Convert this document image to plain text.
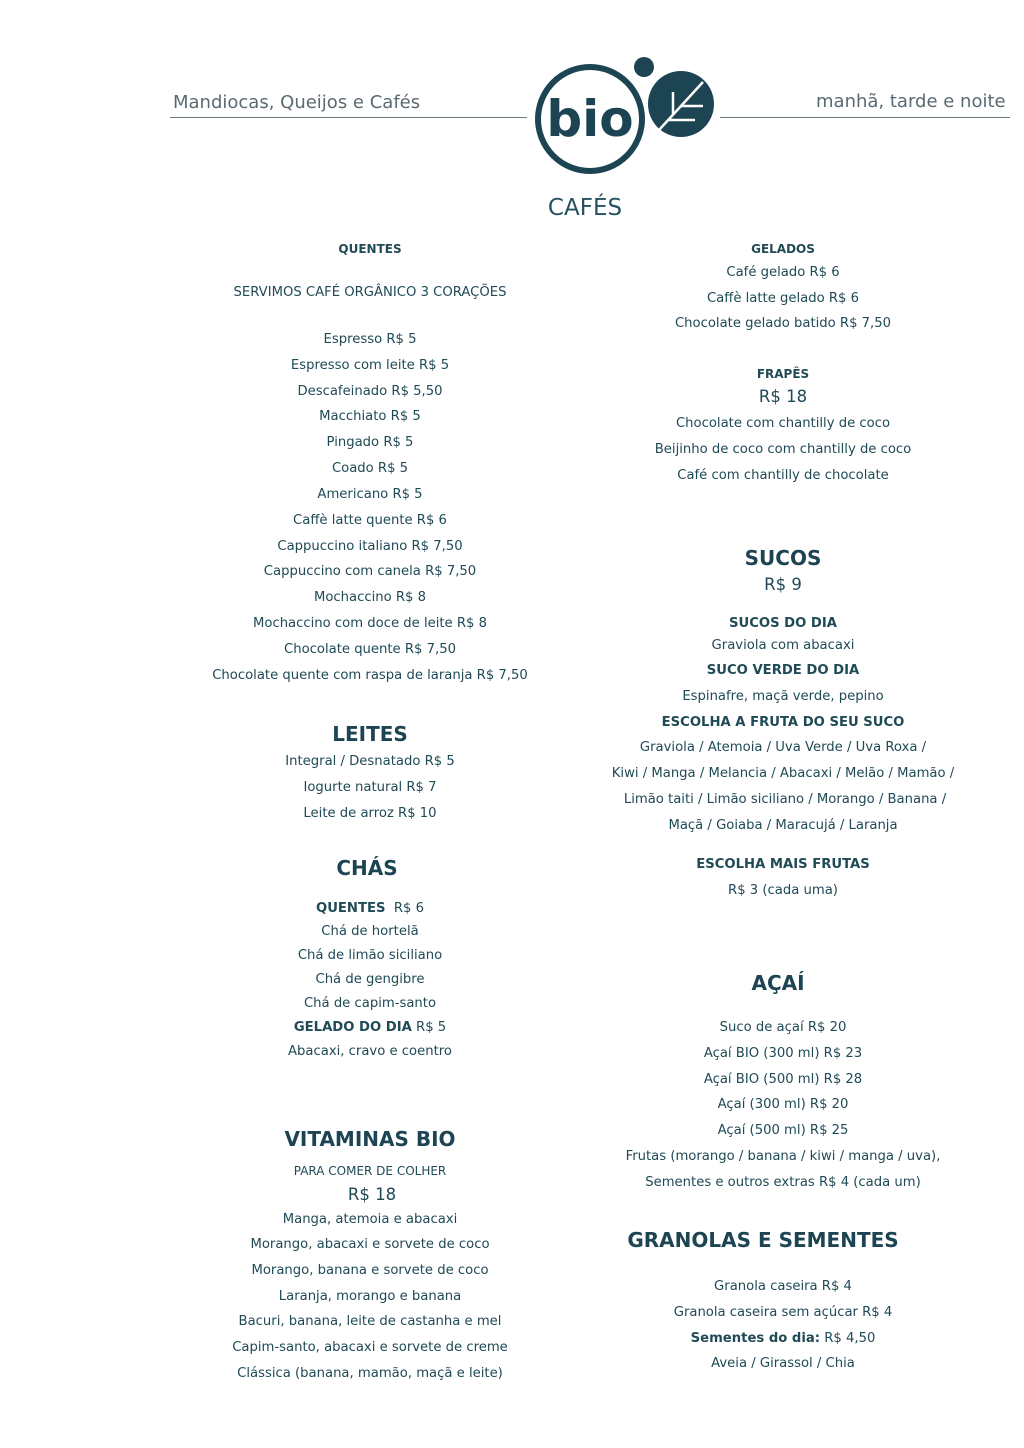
Mandiocas, Queijos e Cafés	manhã, tarde e noite
bio
CAFÉS
QUENTES
SERVIMOS CAFÉ ORGÂNICO 3 CORAÇÕES
Espresso R$ 5
Espresso com leite R$ 5
Descafeinado R$ 5,50
Macchiato R$ 5
Pingado R$ 5
Coado R$ 5
Americano R$ 5
Caffè latte quente R$ 6
Cappuccino italiano R$ 7,50
Cappuccino com canela R$ 7,50
Mochaccino R$ 8
Mochaccino com doce de leite R$ 8
Chocolate quente R$ 7,50
Chocolate quente com raspa de laranja R$ 7,50
LEITES
Integral / Desnatado R$ 5
Iogurte natural R$ 7
Leite de arroz R$ 10
CHÁS
QUENTES R$ 6
Chá de hortelã
Chá de limão siciliano
Chá de gengibre
Chá de capim-santo
GELADO DO DIA R$ 5
Abacaxi, cravo e coentro
VITAMINAS BIO
PARA COMER DE COLHER
R$ 18
Manga, atemoia e abacaxi
Morango, abacaxi e sorvete de coco
Morango, banana e sorvete de coco
Laranja, morango e banana
Bacuri, banana, leite de castanha e mel
Capim-santo, abacaxi e sorvete de creme
Clássica (banana, mamão, maçã e leite)
GELADOS
Café gelado R$ 6
Caffè latte gelado R$ 6
Chocolate gelado batido R$ 7,50
FRAPÊS
R$ 18
Chocolate com chantilly de coco
Beijinho de coco com chantilly de coco
Café com chantilly de chocolate
SUCOS
R$ 9
SUCOS DO DIA
Graviola com abacaxi
SUCO VERDE DO DIA
Espinafre, maçã verde, pepino
ESCOLHA A FRUTA DO SEU SUCO
Graviola / Atemoia / Uva Verde / Uva Roxa /
Kiwi / Manga / Melancia / Abacaxi / Melão / Mamão /
Limão taiti / Limão siciliano / Morango / Banana /
Maçã / Goiaba / Maracujá / Laranja
ESCOLHA MAIS FRUTAS
R$ 3 (cada uma)
AÇAÍ
Suco de açaí R$ 20
Açaí BIO (300 ml) R$ 23
Açaí BIO (500 ml) R$ 28
Açaí (300 ml) R$ 20
Açaí (500 ml) R$ 25
Frutas (morango / banana / kiwi / manga / uva),
Sementes e outros extras R$ 4 (cada um)
GRANOLAS E SEMENTES
Granola caseira R$ 4
Granola caseira sem açúcar R$ 4
Sementes do dia: R$ 4,50
Aveia / Girassol / Chia
